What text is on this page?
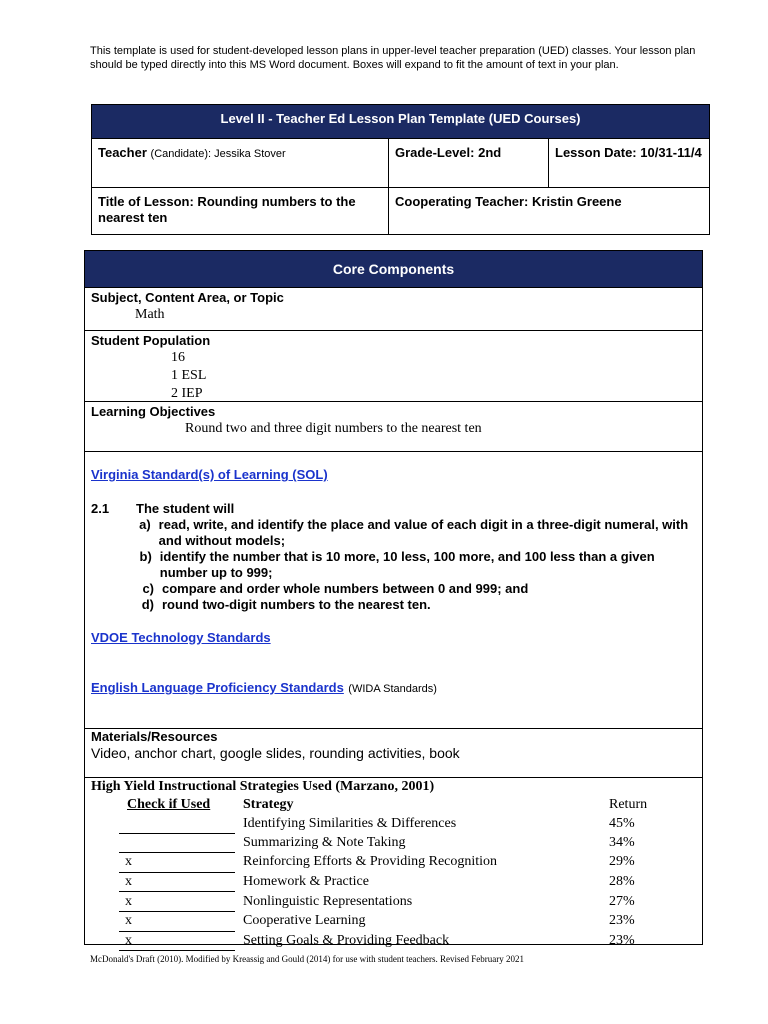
This template is used for student-developed lesson plans in upper-level teacher preparation (UED) classes. Your lesson plan should be typed directly into this MS Word document. Boxes will expand to fit the amount of text in your plan.
Level II - Teacher Ed Lesson Plan Template (UED Courses)		
Teacher (Candidate): Jessika Stover	Grade-Level: 2nd	Lesson Date: 10/31-11/4
Title of Lesson: Rounding numbers to the nearest ten	Cooperating Teacher: Kristin Greene	
Core Components
Subject, Content Area, or Topic
Math
Student Population
16
1 ESL
2 IEP
Learning Objectives
Round two and three digit numbers to the nearest ten
Virginia Standard(s) of Learning (SOL)
2.1 The student will
a) read, write, and identify the place and value of each digit in a three-digit numeral, with and without models;
b) identify the number that is 10 more, 10 less, 100 more, and 100 less than a given number up to 999;
c) compare and order whole numbers between 0 and 999; and
d) round two-digit numbers to the nearest ten.
VDOE Technology Standards
English Language Proficiency Standards (WIDA Standards)
Materials/Resources
Video, anchor chart, google slides, rounding activities, book
High Yield Instructional Strategies Used (Marzano, 2001)
Check if Used	Strategy	Return
	Identifying Similarities & Differences	45%
	Summarizing & Note Taking	34%
x	Reinforcing Efforts & Providing Recognition	29%
x	Homework & Practice	28%
x	Nonlinguistic Representations	27%
x	Cooperative Learning	23%
x	Setting Goals & Providing Feedback	23%
McDonald's Draft (2010). Modified by Kreassig and Gould (2014) for use with student teachers. Revised February 2021
